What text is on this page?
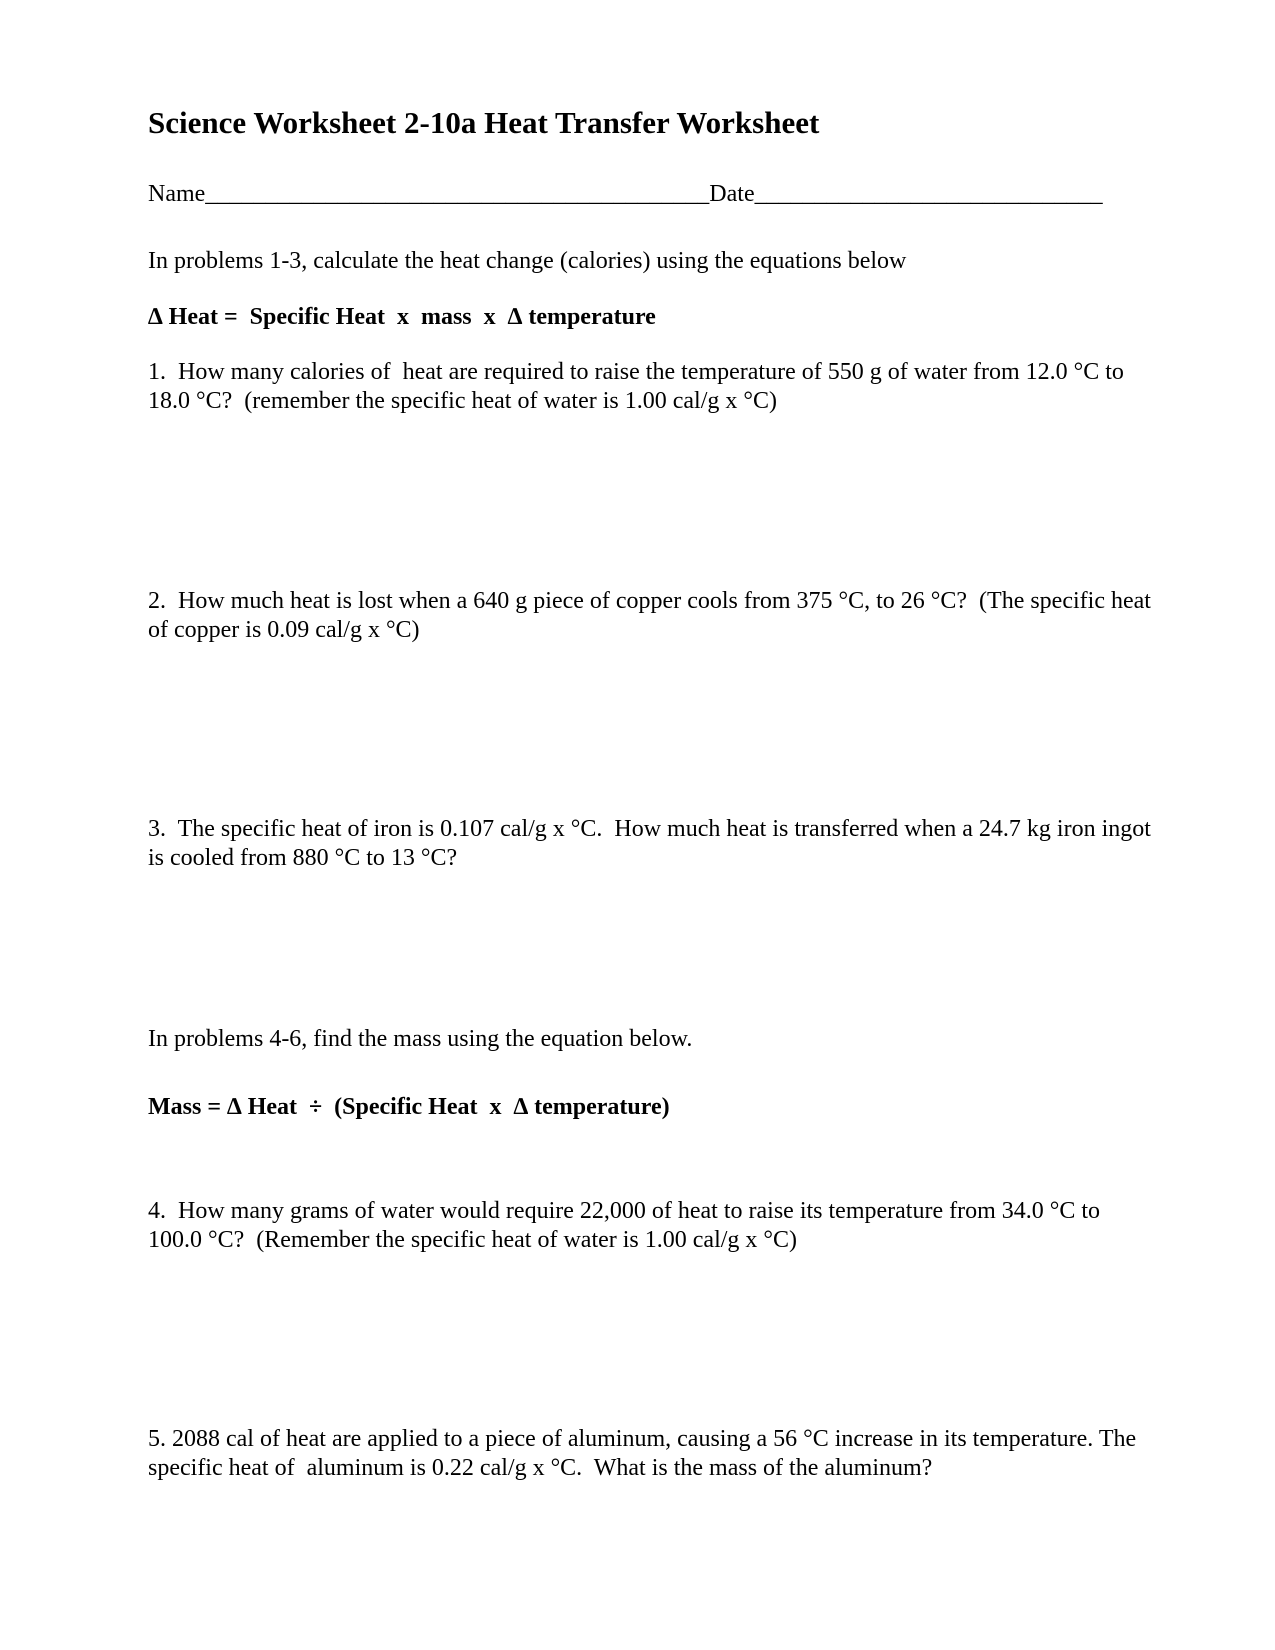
Science Worksheet 2-10a Heat Transfer Worksheet
Name__________________________________________Date_____________________________
In problems 1-3, calculate the heat change (calories) using the equations below
∆ Heat =  Specific Heat  x  mass  x  ∆ temperature
1.  How many calories of  heat are required to raise the temperature of 550 g of water from 12.0 °C to 18.0 °C?  (remember the specific heat of water is 1.00 cal/g x °C)
2.  How much heat is lost when a 640 g piece of copper cools from 375 °C, to 26 °C?  (The specific heat of copper is 0.09 cal/g x °C)
3.  The specific heat of iron is 0.107 cal/g x °C.  How much heat is transferred when a 24.7 kg iron ingot is cooled from 880 °C to 13 °C?
In problems 4-6, find the mass using the equation below.
Mass = ∆ Heat  ÷  (Specific Heat  x  ∆ temperature)
4.  How many grams of water would require 22,000 of heat to raise its temperature from 34.0 °C to 100.0 °C?  (Remember the specific heat of water is 1.00 cal/g x °C)
5. 2088 cal of heat are applied to a piece of aluminum, causing a 56 °C increase in its temperature. The specific heat of  aluminum is 0.22 cal/g x °C.  What is the mass of the aluminum?
